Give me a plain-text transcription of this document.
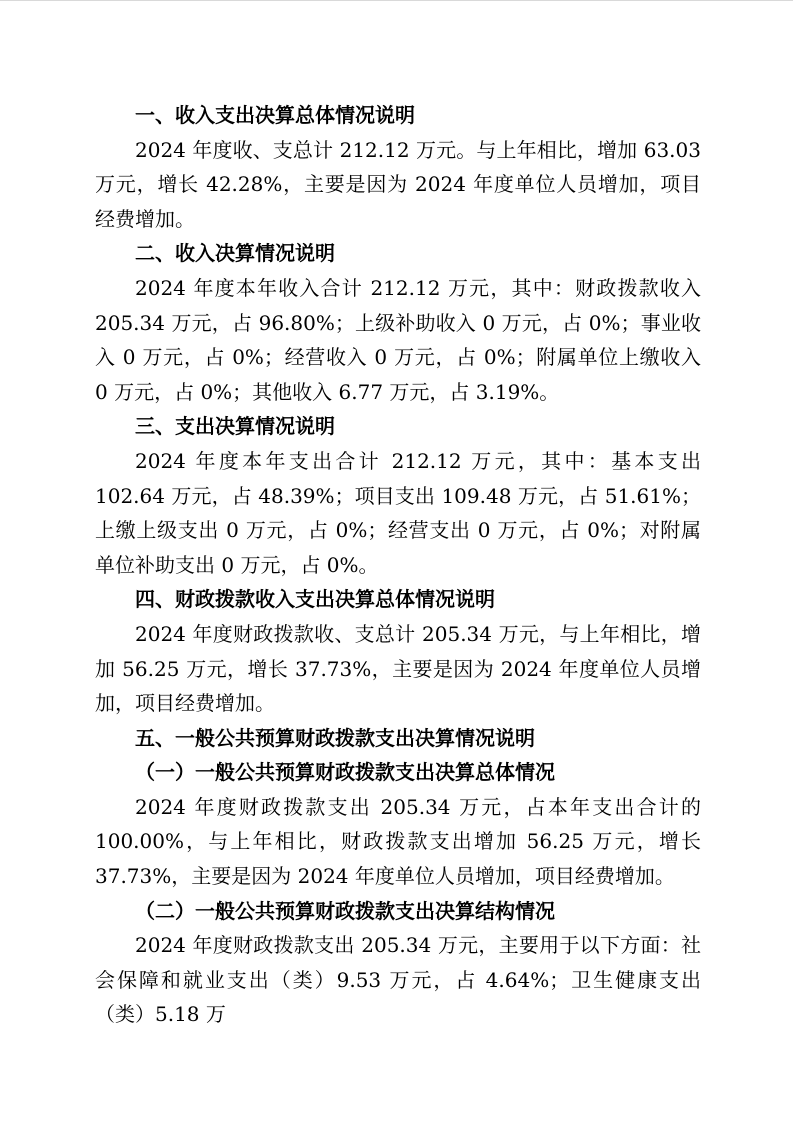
一、收入支出决算总体情况说明

2024 年度收、支总计 212.12 万元。与上年相比，增加 63.03 万元，增长 42.28%，主要是因为 2024 年度单位人员增加，项目经费增加。

二、收入决算情况说明

2024 年度本年收入合计 212.12 万元，其中：财政拨款收入 205.34 万元，占 96.80%；上级补助收入 0 万元，占 0%；事业收入 0 万元，占 0%；经营收入 0 万元，占 0%；附属单位上缴收入 0 万元，占 0%；其他收入 6.77 万元，占 3.19%。

三、支出决算情况说明

2024 年度本年支出合计 212.12 万元，其中：基本支出 102.64 万元，占 48.39%；项目支出 109.48 万元，占 51.61%；上缴上级支出 0 万元，占 0%；经营支出 0 万元，占 0%；对附属单位补助支出 0 万元，占 0%。

四、财政拨款收入支出决算总体情况说明

2024 年度财政拨款收、支总计 205.34 万元，与上年相比，增加 56.25 万元，增长 37.73%，主要是因为 2024 年度单位人员增加，项目经费增加。

五、一般公共预算财政拨款支出决算情况说明
（一）一般公共预算财政拨款支出决算总体情况

2024 年度财政拨款支出 205.34 万元，占本年支出合计的 100.00%，与上年相比，财政拨款支出增加 56.25 万元，增长 37.73%，主要是因为 2024 年度单位人员增加，项目经费增加。

（二）一般公共预算财政拨款支出决算结构情况

2024 年度财政拨款支出 205.34 万元，主要用于以下方面：社会保障和就业支出（类）9.53 万元，占 4.64%；卫生健康支出（类）5.18 万
